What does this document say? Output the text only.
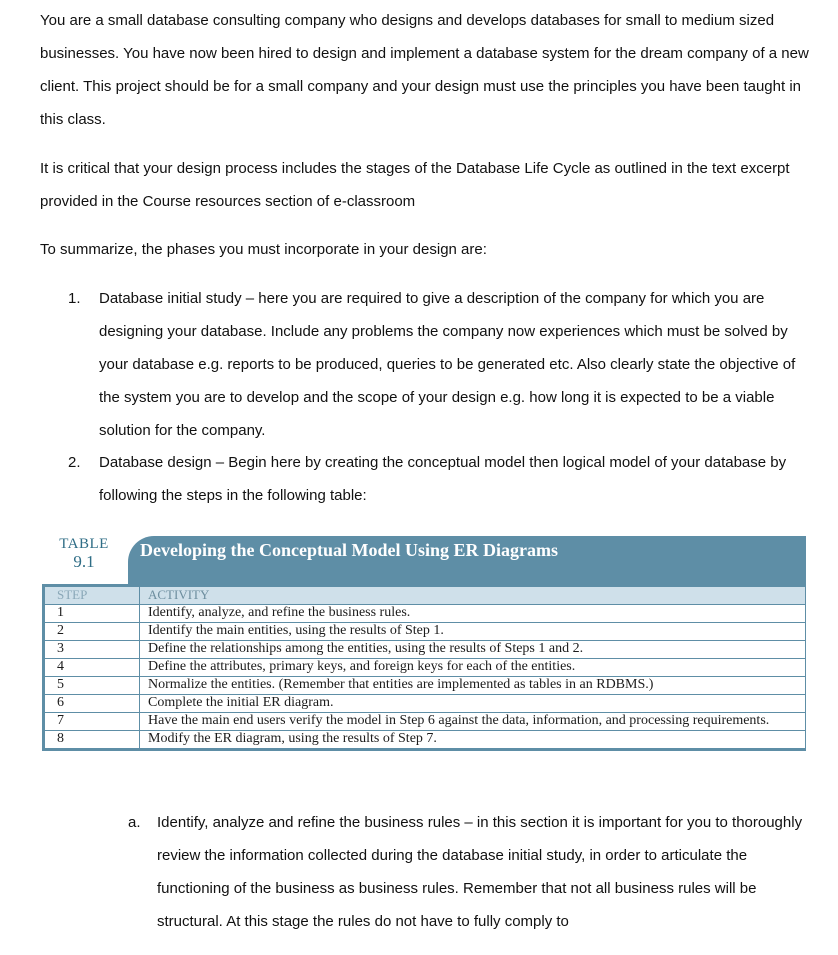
You are a small database consulting company who designs and develops databases for small to medium sized businesses. You have now been hired to design and implement a database system for the dream company of a new client. This project should be for a small company and your design must use the principles you have been taught in this class.

It is critical that your design process includes the stages of the Database Life Cycle as outlined in the text excerpt provided in the Course resources section of e-classroom

To summarize, the phases you must incorporate in your design are:

1. Database initial study – here you are required to give a description of the company for which you are designing your database. Include any problems the company now experiences which must be solved by your database e.g. reports to be produced, queries to be generated etc. Also clearly state the objective of the system you are to develop and the scope of your design e.g. how long it is expected to be a viable solution for the company.
2. Database design – Begin here by creating the conceptual model then logical model of your database by following the steps in the following table:
TABLE
9.1
Developing the Conceptual Model Using ER Diagrams
STEP	ACTIVITY
1	Identify, analyze, and refine the business rules.
2	Identify the main entities, using the results of Step 1.
3	Define the relationships among the entities, using the results of Steps 1 and 2.
4	Define the attributes, primary keys, and foreign keys for each of the entities.
5	Normalize the entities. (Remember that entities are implemented as tables in an RDBMS.)
6	Complete the initial ER diagram.
7	Have the main end users verify the model in Step 6 against the data, information, and processing requirements.
8	Modify the ER diagram, using the results of Step 7.
a. Identify, analyze and refine the business rules – in this section it is important for you to thoroughly review the information collected during the database initial study, in order to articulate the functioning of the business as business rules. Remember that not all business rules will be structural. At this stage the rules do not have to fully comply to
